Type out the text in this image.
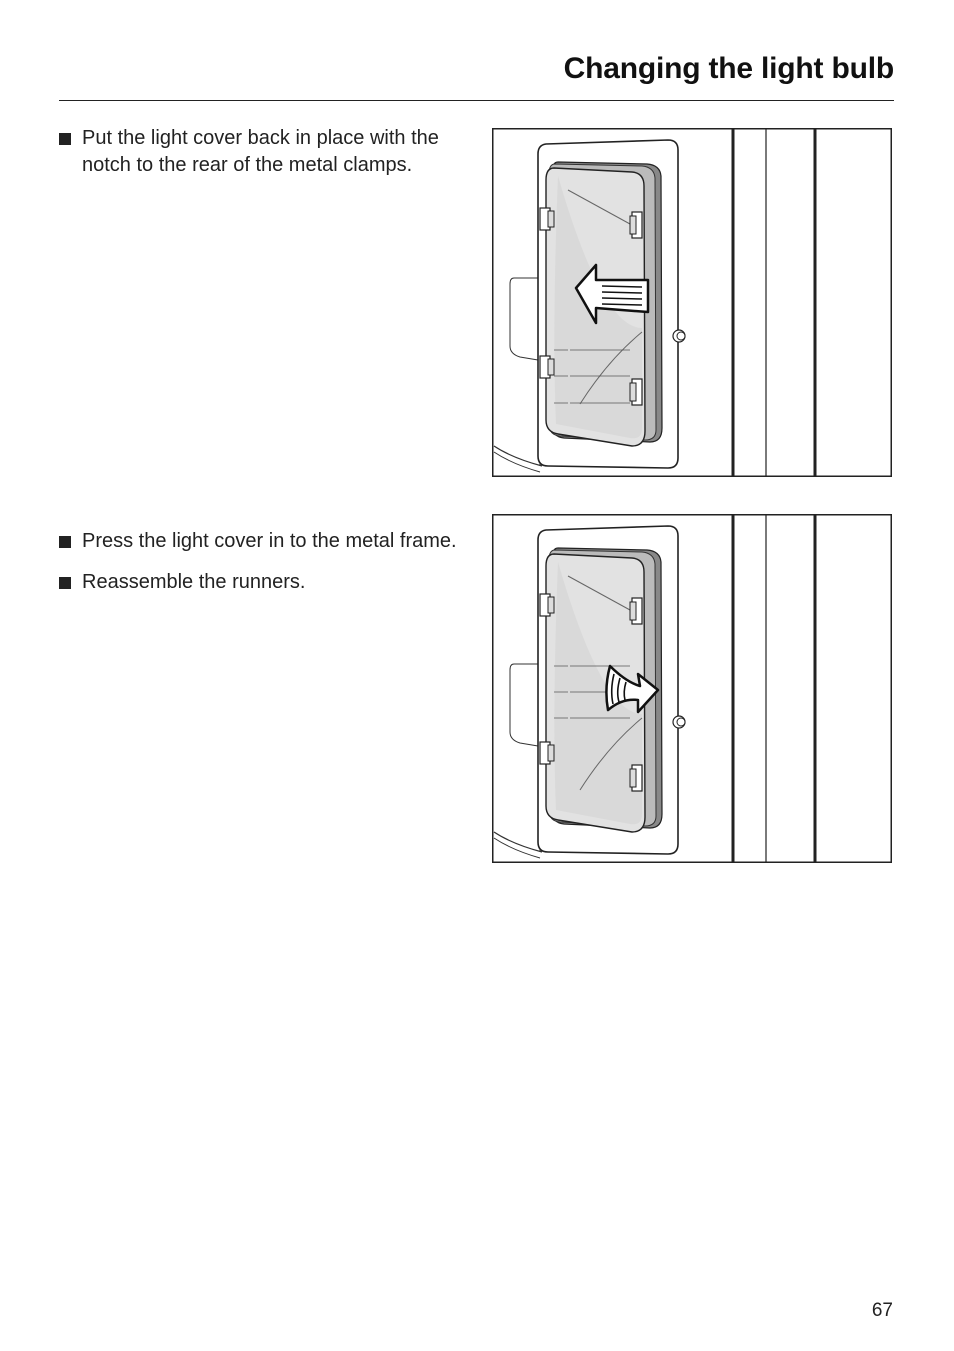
Changing the light bulb
Put the light cover back in place with the notch to the rear of the metal clamps.
Press the light cover in to the metal frame.
Reassemble the runners.
67
